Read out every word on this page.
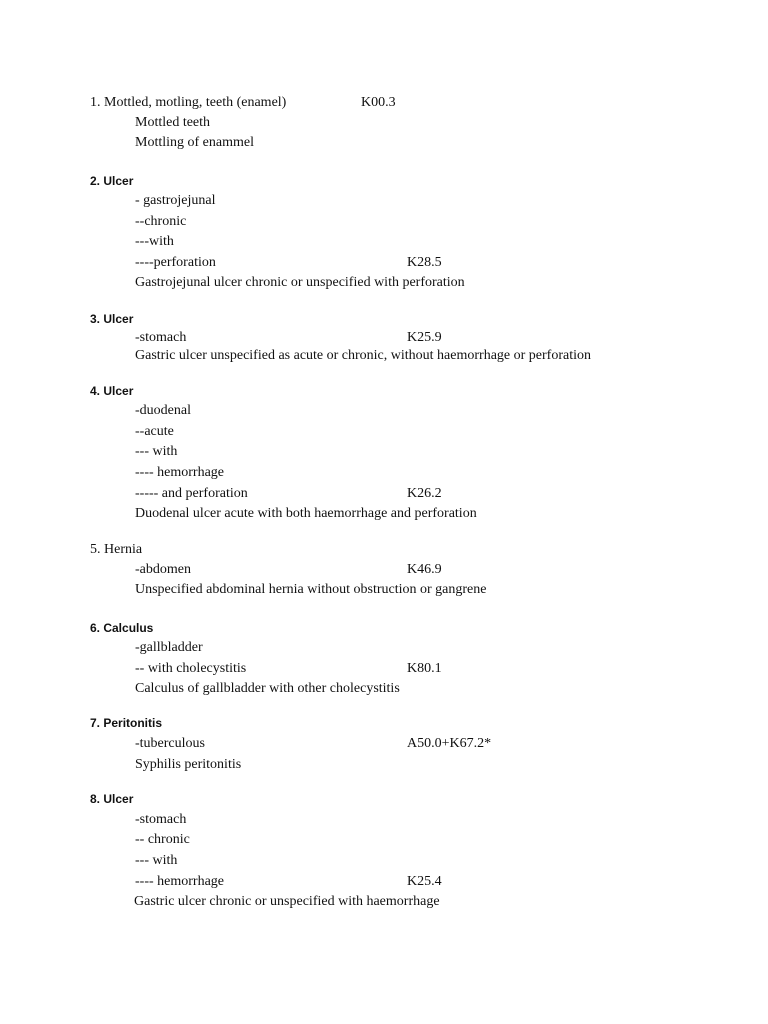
1. Mottled, motling, teeth (enamel)	K00.3
Mottled teeth
Mottling of enammel
2. Ulcer
- gastrojejunal
--chronic
---with
----perforation	K28.5
Gastrojejunal ulcer chronic or unspecified with perforation
3. Ulcer
-stomach	K25.9
Gastric ulcer unspecified as acute or chronic, without haemorrhage or perforation
4. Ulcer
-duodenal
--acute
--- with
---- hemorrhage
----- and perforation	K26.2
Duodenal ulcer acute with both haemorrhage and perforation
5. Hernia
-abdomen	K46.9
Unspecified abdominal hernia without obstruction or gangrene
6. Calculus
-gallbladder
-- with cholecystitis	K80.1
Calculus of gallbladder with other cholecystitis
7. Peritonitis
-tuberculous	A50.0+K67.2*
Syphilis peritonitis
8. Ulcer
-stomach
-- chronic
--- with
---- hemorrhage	K25.4
Gastric ulcer chronic or unspecified with haemorrhage
